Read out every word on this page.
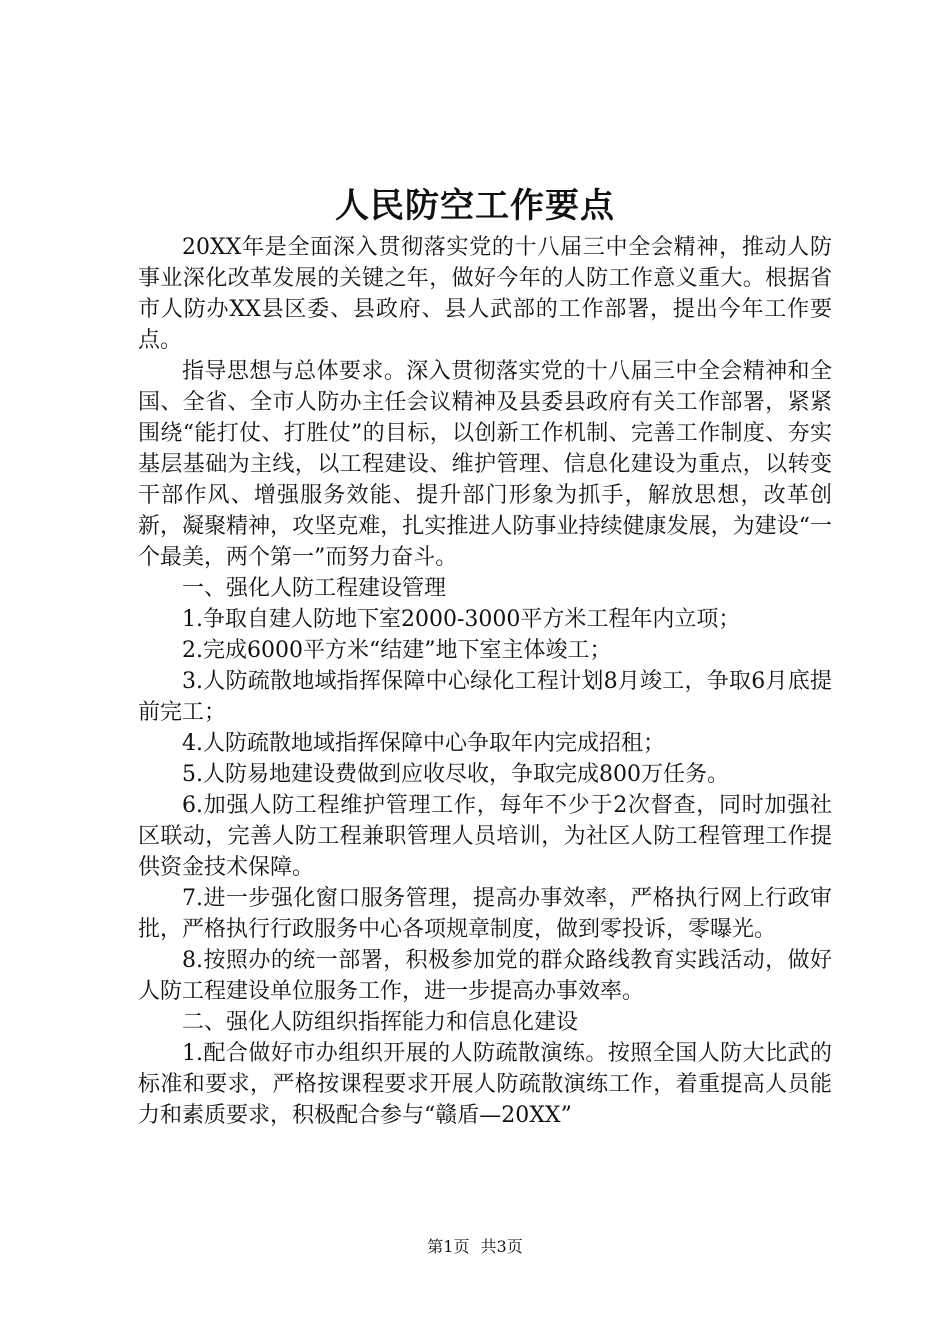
人民防空工作要点

20XX年是全面深入贯彻落实党的十八届三中全会精神，推动人防事业深化改革发展的关键之年，做好今年的人防工作意义重大。根据省市人防办XX县区委、县政府、县人武部的工作部署，提出今年工作要点。

指导思想与总体要求。深入贯彻落实党的十八届三中全会精神和全国、全省、全市人防办主任会议精神及县委县政府有关工作部署，紧紧围绕“能打仗、打胜仗”的目标，以创新工作机制、完善工作制度、夯实基层基础为主线，以工程建设、维护管理、信息化建设为重点，以转变干部作风、增强服务效能、提升部门形象为抓手，解放思想，改革创新，凝聚精神，攻坚克难，扎实推进人防事业持续健康发展，为建设“一个最美，两个第一”而努力奋斗。

一、强化人防工程建设管理

1.争取自建人防地下室2000-3000平方米工程年内立项；

2.完成6000平方米“结建”地下室主体竣工；

3.人防疏散地域指挥保障中心绿化工程计划8月竣工，争取6月底提前完工；

4.人防疏散地域指挥保障中心争取年内完成招租；

5.人防易地建设费做到应收尽收，争取完成800万任务。

6.加强人防工程维护管理工作，每年不少于2次督查，同时加强社区联动，完善人防工程兼职管理人员培训，为社区人防工程管理工作提供资金技术保障。

7.进一步强化窗口服务管理，提高办事效率，严格执行网上行政审批，严格执行行政服务中心各项规章制度，做到零投诉，零曝光。

8.按照办的统一部署，积极参加党的群众路线教育实践活动，做好人防工程建设单位服务工作，进一步提高办事效率。

二、强化人防组织指挥能力和信息化建设

1.配合做好市办组织开展的人防疏散演练。按照全国人防大比武的标准和要求，严格按课程要求开展人防疏散演练工作，着重提高人员能力和素质要求，积极配合参与“赣盾—20XX”

第1页 共3页
